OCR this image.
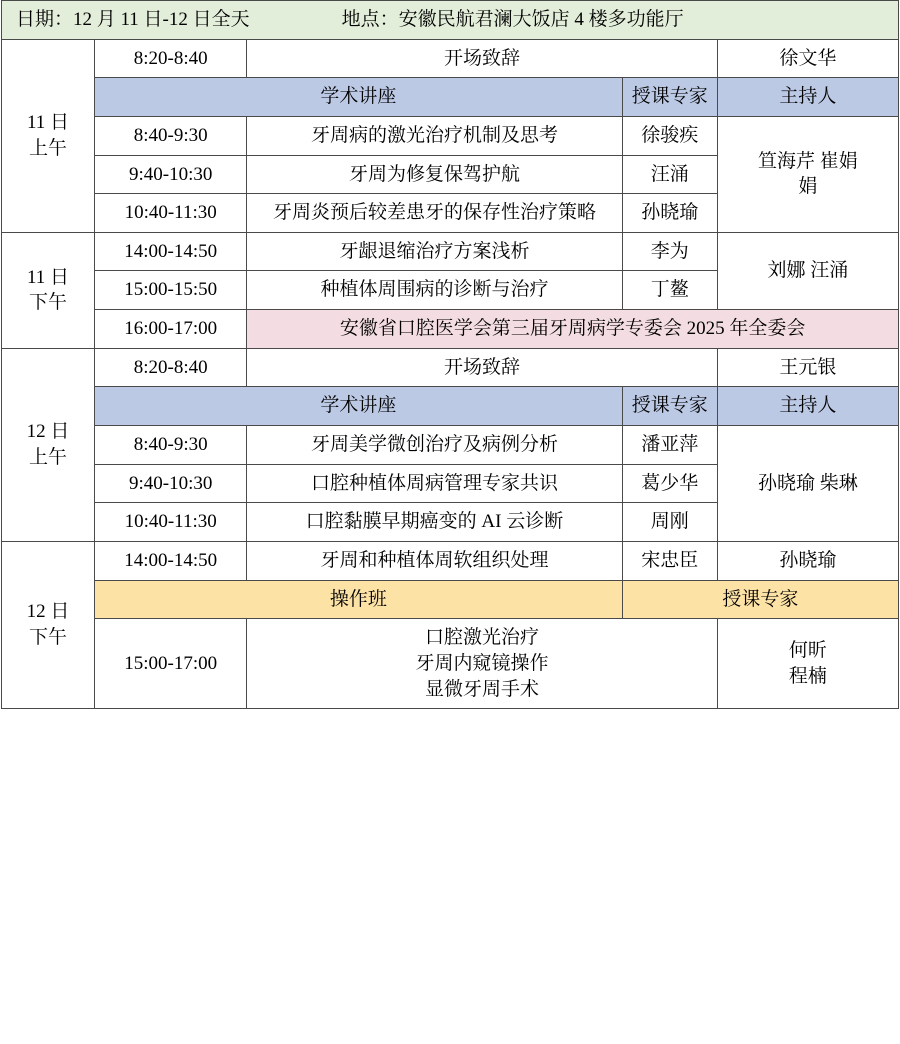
日期：12 月 11 日-12 日全天 地点：安徽民航君澜大饭店 4 楼多功能厅				

11 日
上午	8:20-8:40	开场致辞		徐文华
	学术讲座		授课专家	主持人
	8:40-9:30	牙周病的激光治疗机制及思考	徐骏疾	笪海芹 崔娟
娟
	9:40-10:30	牙周为修复保驾护航	汪涌	
	10:40-11:30	牙周炎预后较差患牙的保存性治疗策略	孙晓瑜	
11 日
下午	14:00-14:50	牙龈退缩治疗方案浅析	李为	刘娜 汪涌
	15:00-15:50	种植体周围病的诊断与治疗	丁鳌	
	16:00-17:00	安徽省口腔医学会第三届牙周病学专委会 2025 年全委会		
12 日
上午	8:20-8:40	开场致辞		王元银
	学术讲座		授课专家	主持人
	8:40-9:30	牙周美学微创治疗及病例分析	潘亚萍	孙晓瑜 柴琳
	9:40-10:30	口腔种植体周病管理专家共识	葛少华	
	10:40-11:30	口腔黏膜早期癌变的 AI 云诊断	周刚	
12 日
下午	14:00-14:50	牙周和种植体周软组织处理	宋忠臣	孙晓瑜
	操作班		授课专家	
	15:00-17:00	口腔激光治疗
牙周内窥镜操作
显微牙周手术		何昕
程楠
